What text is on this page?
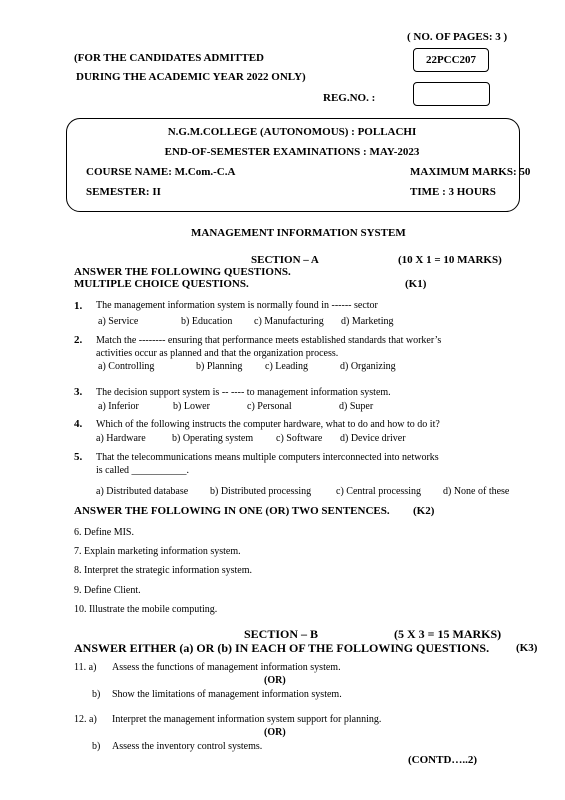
( NO. OF PAGES: 3 )
(FOR THE CANDIDATES ADMITTED
DURING THE ACADEMIC YEAR 2022 ONLY)
22PCC207
REG.NO. :
N.G.M.COLLEGE (AUTONOMOUS) : POLLACHI
END-OF-SEMESTER EXAMINATIONS : MAY-2023
COURSE NAME: M.Com.-C.A	MAXIMUM MARKS: 50
SEMESTER: II	TIME : 3 HOURS
MANAGEMENT INFORMATION SYSTEM
SECTION – A	(10 X 1 = 10 MARKS)
ANSWER THE FOLLOWING QUESTIONS.
MULTIPLE CHOICE QUESTIONS.	(K1)
1. The management information system is normally found in ------ sector
a) Service	b) Education c) Manufacturing d) Marketing
2. Match the -------- ensuring that performance meets established standards that worker’s
activities occur as planned and that the organization process.
a) Controlling	b) Planning c) Leading	d) Organizing
3. The decision support system is -- ---- to management information system.
a) Inferior	b) Lower	c) Personal	d) Super
4. Which of the following instructs the computer hardware, what to do and how to do it?
a) Hardware	b) Operating system c) Software d) Device driver
5. That the telecommunications means multiple computers interconnected into networks
is called ___________.
a) Distributed database b) Distributed processing c) Central processing d) None of these
ANSWER THE FOLLOWING IN ONE (OR) TWO SENTENCES. (K2)
6. Define MIS.
7. Explain marketing information system.
8. Interpret the strategic information system.
9. Define Client.
10. Illustrate the mobile computing.
SECTION – B	(5 X 3 = 15 MARKS)
ANSWER EITHER (a) OR (b) IN EACH OF THE FOLLOWING QUESTIONS. (K3)
11. a) Assess the functions of management information system.
(OR)
b) Show the limitations of management information system.
12. a) Interpret the management information system support for planning.
(OR)
b) Assess the inventory control systems.
(CONTD…..2)
